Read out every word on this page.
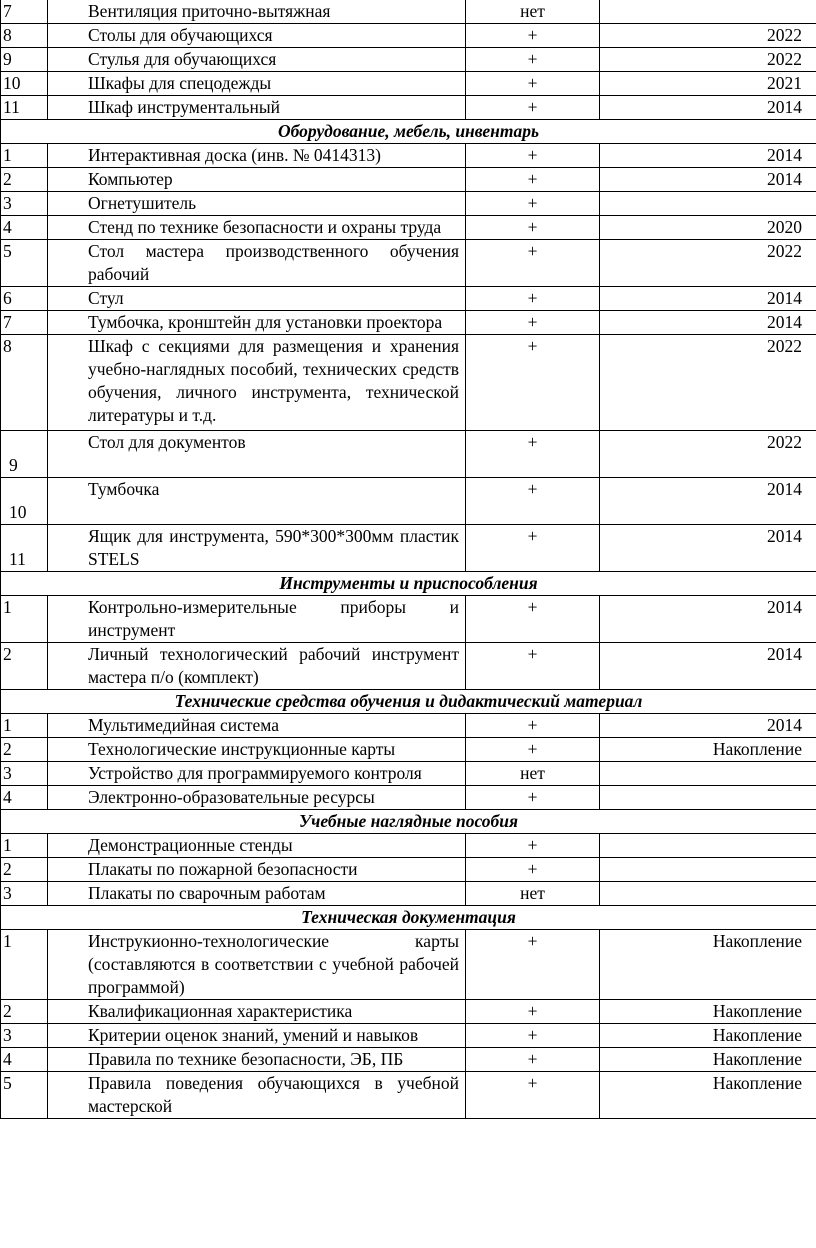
7	Вентиляция приточно-вытяжная	нет	
8	Столы для обучающихся	+	2022
9	Стулья для обучающихся	+	2022
10	Шкафы для спецодежды	+	2021
11	Шкаф инструментальный	+	2014
Оборудование, мебель, инвентарь			
1	Интерактивная доска (инв. № 0414313)	+	2014
2	Компьютер	+	2014
3	Огнетушитель	+	
4	Стенд по технике безопасности и охраны труда	+	2020
5	Стол мастера производственного обучения рабочий	+	2022
6	Стул	+	2014
7	Тумбочка, кронштейн для установки проектора	+	2014
8	Шкаф с секциями для размещения и хранения учебно-наглядных пособий, технических средств обучения, личного инструмента, технической литературы и т.д.	+	2022
9	Стол для документов	+	2022
10	Тумбочка	+	2014
11	Ящик для инструмента, 590*300*300мм пластик STELS	+	2014
Инструменты и приспособления			
1	Контрольно-измерительные приборы и инструмент	+	2014
2	Личный технологический рабочий инструмент мастера п/о (комплект)	+	2014
Технические средства обучения и дидактический материал			
1	Мультимедийная система	+	2014
2	Технологические инструкционные карты	+	Накопление
3	Устройство для программируемого контроля	нет	
4	Электронно-образовательные ресурсы	+	
Учебные наглядные пособия			
1	Демонстрационные стенды	+	
2	Плакаты по пожарной безопасности	+	
3	Плакаты по сварочным работам	нет	
Техническая документация			
1	Инструкионно-технологические карты (составляются в соответствии с учебной рабочей программой)	+	Накопление
2	Квалификационная характеристика	+	Накопление
3	Критерии оценок знаний, умений и навыков	+	Накопление
4	Правила по технике безопасности, ЭБ, ПБ	+	Накопление
5	Правила поведения обучающихся в учебной мастерской	+	Накопление
